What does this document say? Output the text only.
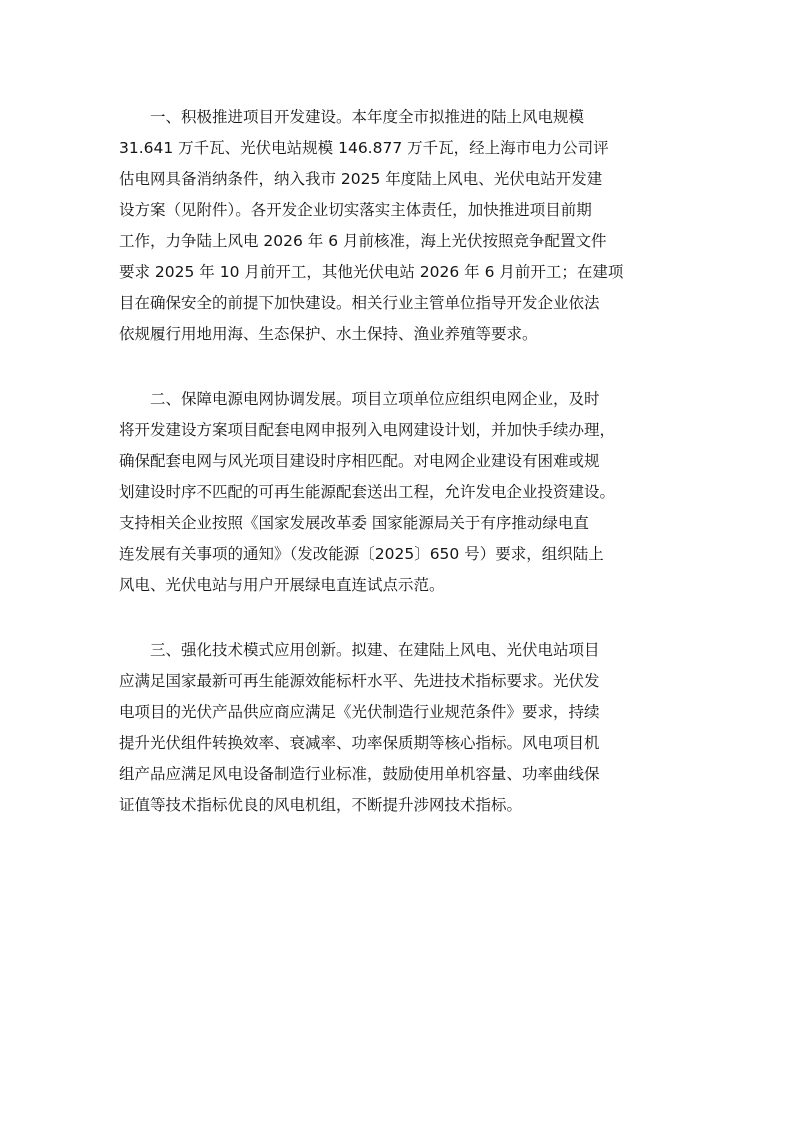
一、积极推进项目开发建设。本年度全市拟推进的陆上风电规模
31.641 万千瓦、光伏电站规模 146.877 万千瓦，经上海市电力公司评
估电网具备消纳条件，纳入我市 2025 年度陆上风电、光伏电站开发建
设方案（见附件）。各开发企业切实落实主体责任，加快推进项目前期
工作，力争陆上风电 2026 年 6 月前核准，海上光伏按照竞争配置文件
要求 2025 年 10 月前开工，其他光伏电站 2026 年 6 月前开工；在建项
目在确保安全的前提下加快建设。相关行业主管单位指导开发企业依法
依规履行用地用海、生态保护、水土保持、渔业养殖等要求。

二、保障电源电网协调发展。项目立项单位应组织电网企业，及时
将开发建设方案项目配套电网申报列入电网建设计划，并加快手续办理，
确保配套电网与风光项目建设时序相匹配。对电网企业建设有困难或规
划建设时序不匹配的可再生能源配套送出工程，允许发电企业投资建设。
支持相关企业按照《国家发展改革委 国家能源局关于有序推动绿电直
连发展有关事项的通知》（发改能源〔2025〕650 号）要求，组织陆上
风电、光伏电站与用户开展绿电直连试点示范。

三、强化技术模式应用创新。拟建、在建陆上风电、光伏电站项目
应满足国家最新可再生能源效能标杆水平、先进技术指标要求。光伏发
电项目的光伏产品供应商应满足《光伏制造行业规范条件》要求，持续
提升光伏组件转换效率、衰减率、功率保质期等核心指标。风电项目机
组产品应满足风电设备制造行业标准，鼓励使用单机容量、功率曲线保
证值等技术指标优良的风电机组，不断提升涉网技术指标。
